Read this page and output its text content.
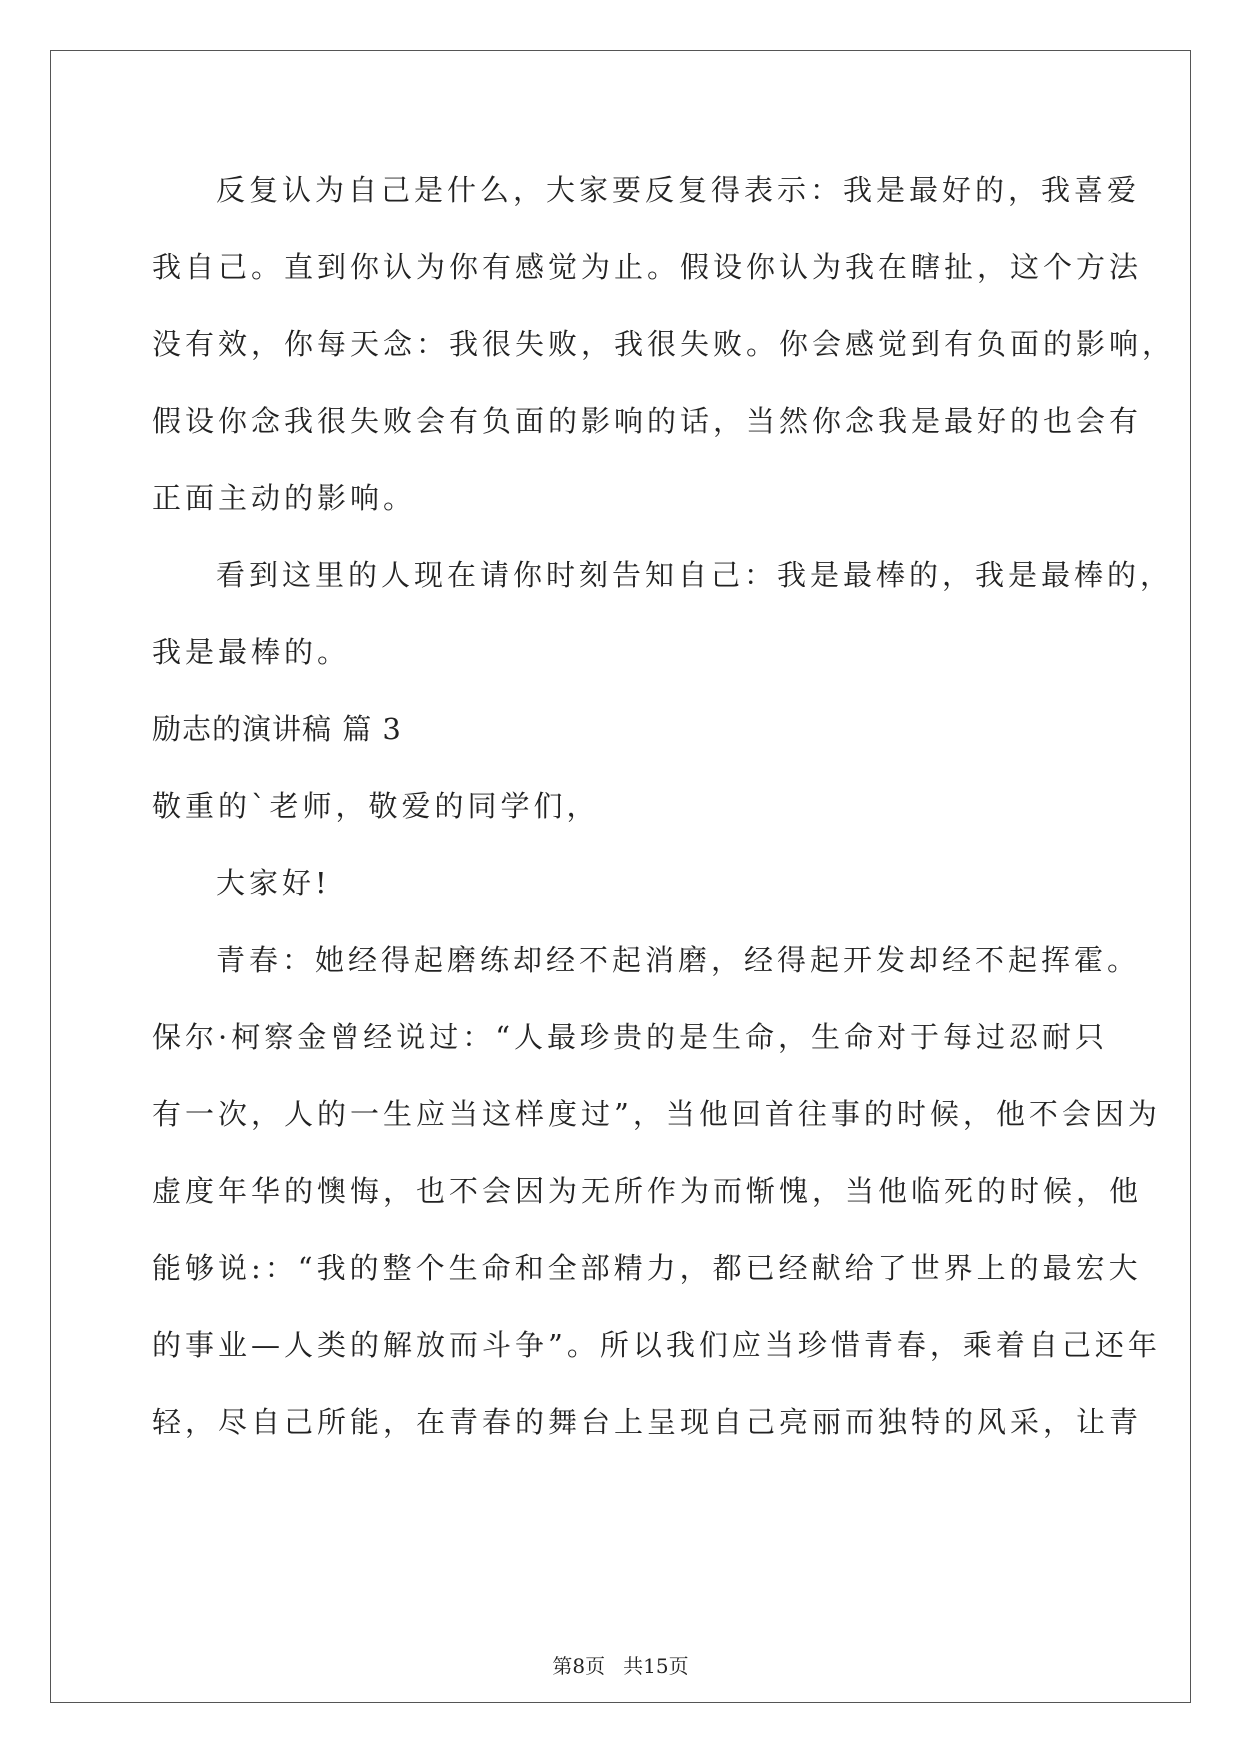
反复认为自己是什么，大家要反复得表示：我是最好的，我喜爱
我自己。直到你认为你有感觉为止。假设你认为我在瞎扯，这个方法
没有效，你每天念：我很失败，我很失败。你会感觉到有负面的影响，
假设你念我很失败会有负面的影响的话，当然你念我是最好的也会有
正面主动的影响。
看到这里的人现在请你时刻告知自己：我是最棒的，我是最棒的，
我是最棒的。
励志的演讲稿 篇 3
敬重的`老师，敬爱的同学们，
大家好!
青春：她经得起磨练却经不起消磨，经得起开发却经不起挥霍。
保尔·柯察金曾经说过：“人最珍贵的是生命，生命对于每过忍耐只
有一次，人的一生应当这样度过”，当他回首往事的时候，他不会因为
虚度年华的懊悔，也不会因为无所作为而惭愧，当他临死的时候，他
能够说:：“我的整个生命和全部精力，都已经献给了世界上的最宏大
的事业—人类的解放而斗争”。所以我们应当珍惜青春，乘着自己还年
轻，尽自己所能，在青春的舞台上呈现自己亮丽而独特的风采，让青
第8页 共15页
